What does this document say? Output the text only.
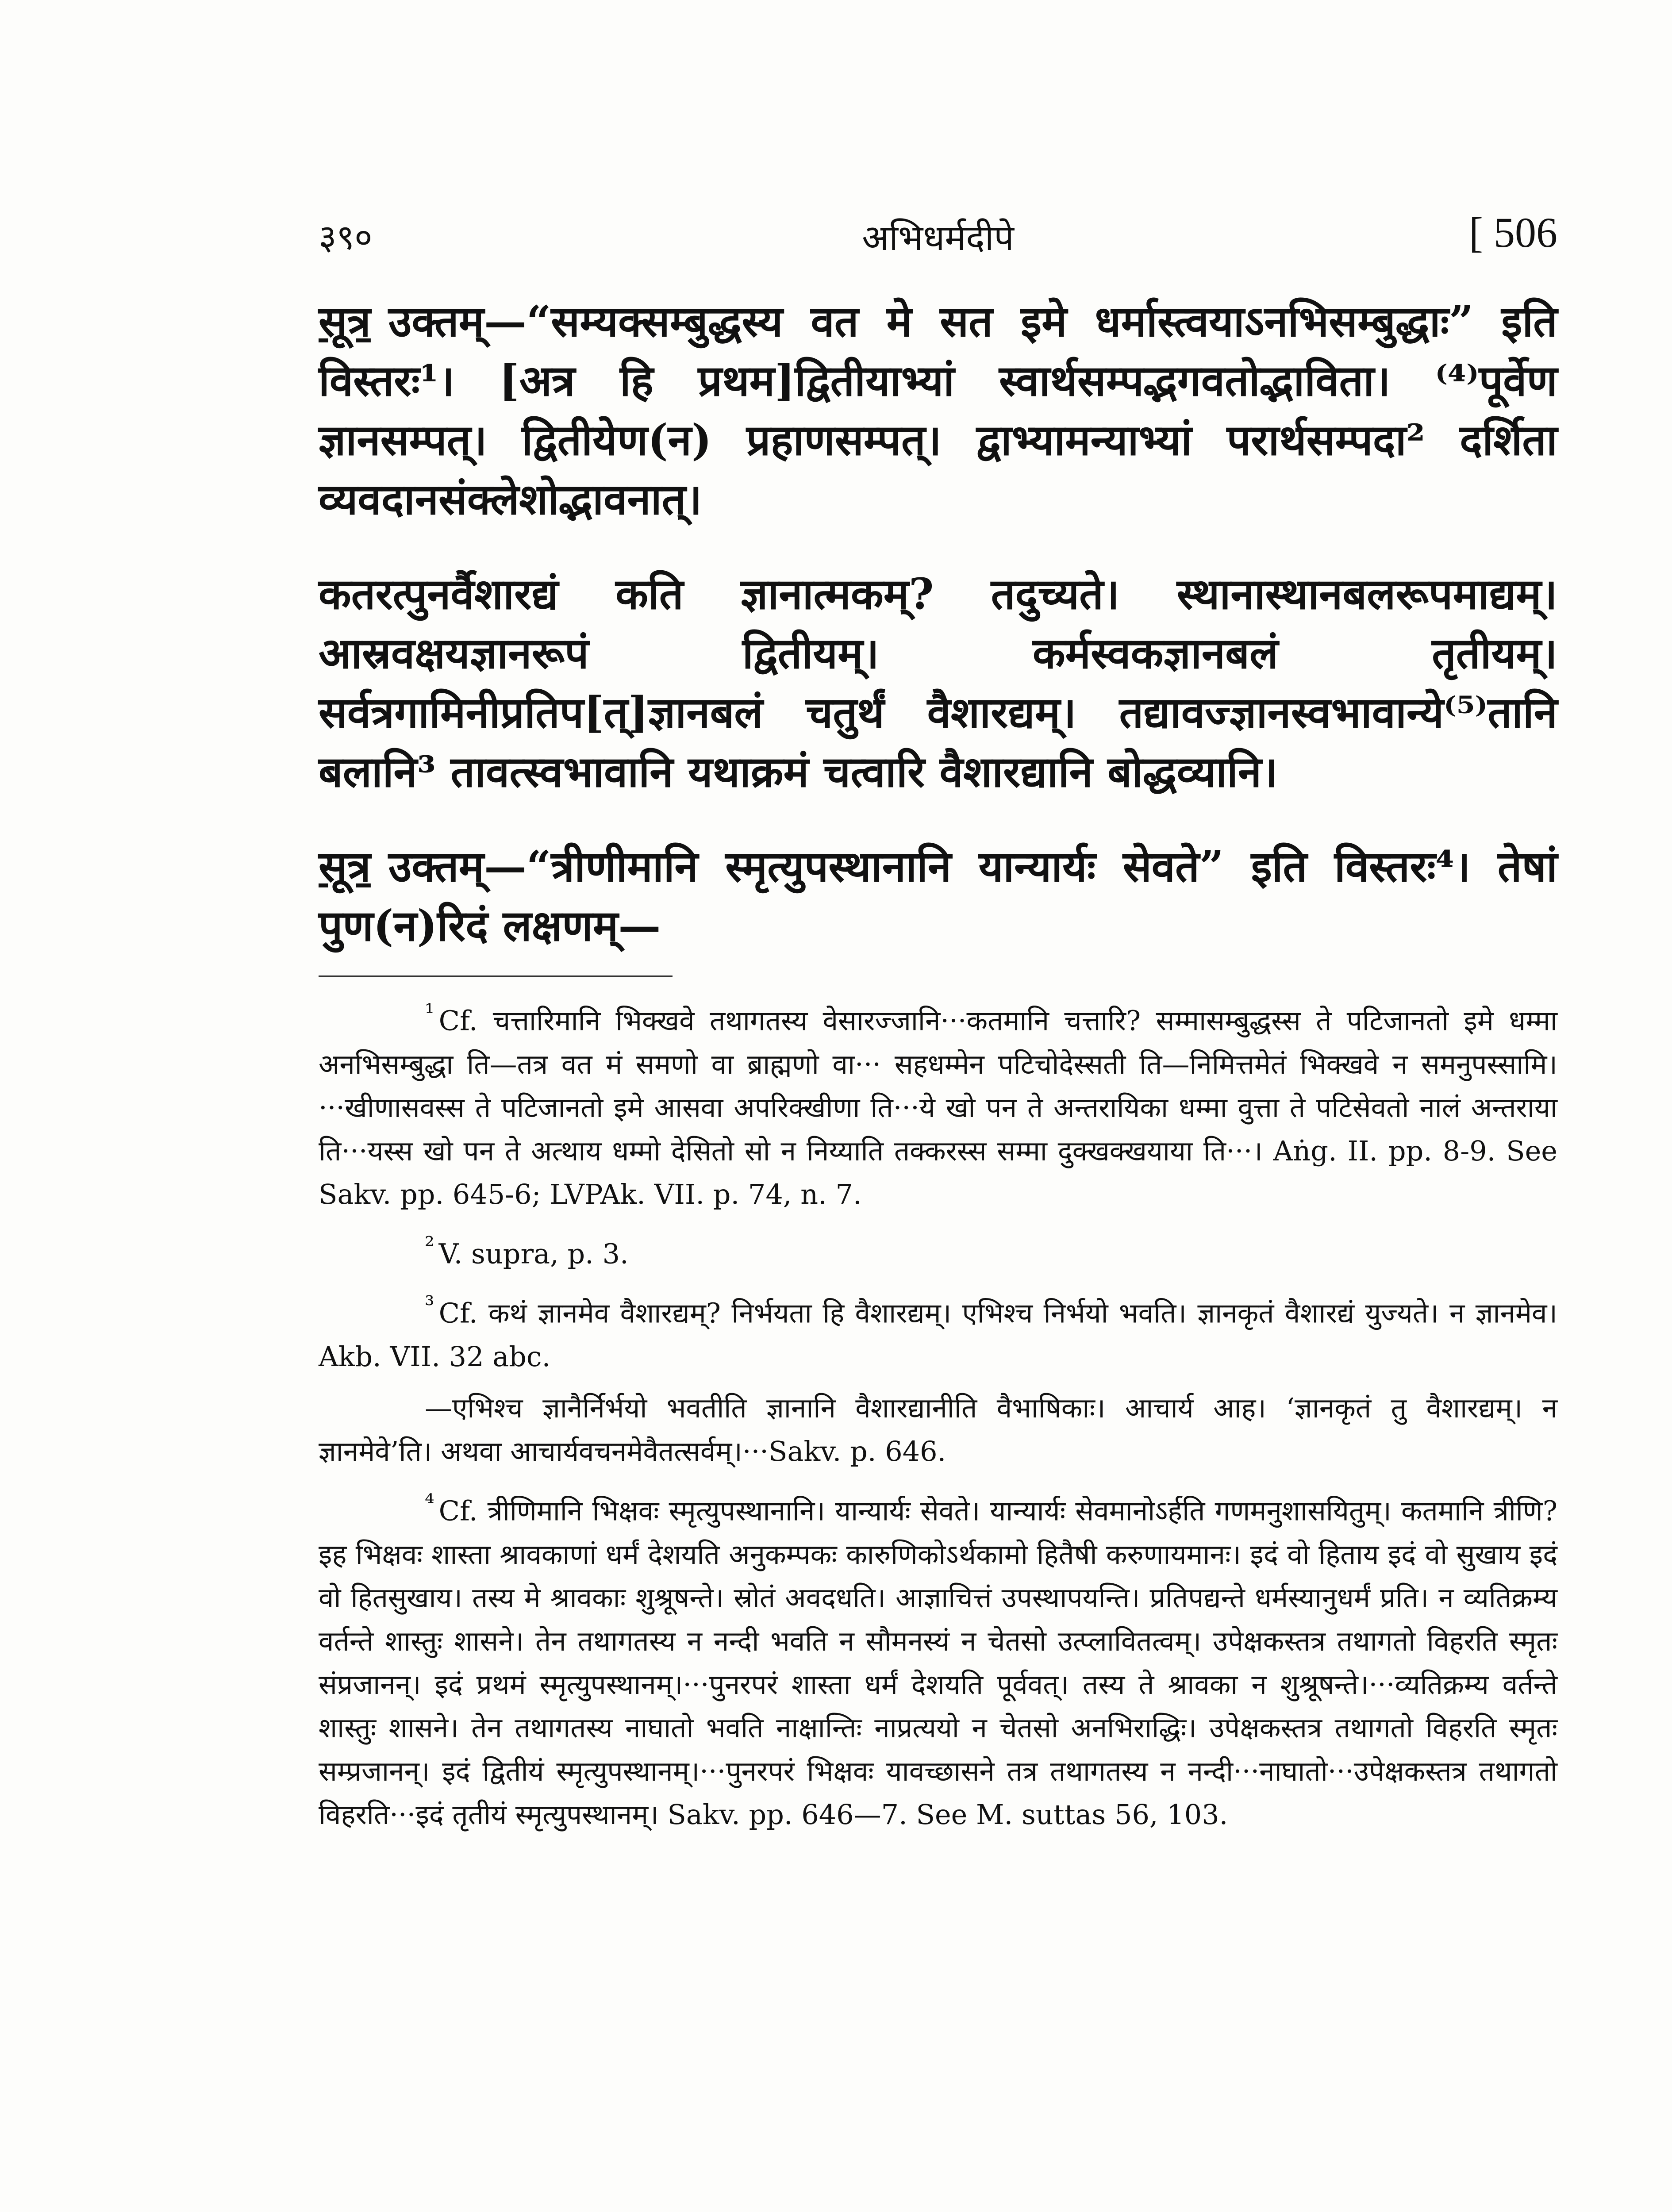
३९०	अभिधर्मदीपे	[ 506

सूत्र उक्तम्—“सम्यक्सम्बुद्धस्य वत मे सत इमे धर्मास्त्वयाऽनभिसम्बुद्धाः” इति विस्तरः¹। [अत्र हि प्रथम]द्वितीयाभ्यां स्वार्थसम्पद्भगवतोद्भाविता। ⁽⁴⁾पूर्वेण ज्ञानसम्पत्। द्वितीयेण(न) प्रहाणसम्पत्। द्वाभ्यामन्याभ्यां परार्थसम्पदा² दर्शिता व्यवदानसंक्लेशोद्भावनात्।

कतरत्पुनर्वैशारद्यं कति ज्ञानात्मकम्? तदुच्यते। स्थानास्थानबलरूपमाद्यम्। आस्रवक्षयज्ञानरूपं द्वितीयम्। कर्मस्वकज्ञानबलं तृतीयम्। सर्वत्रगामिनीप्रतिप[त्]ज्ञानबलं चतुर्थं वैशारद्यम्। तद्यावज्ज्ञानस्वभावान्ये⁽⁵⁾तानि बलानि³ तावत्स्वभावानि यथाक्रमं चत्वारि वैशारद्यानि बोद्धव्यानि।

सूत्र उक्तम्—“त्रीणीमानि स्मृत्युपस्थानानि यान्यार्यः सेवते” इति विस्तरः⁴। तेषां पुण(न)रिदं लक्षणम्—

¹ Cf. चत्तारिमानि भिक्खवे तथागतस्य वेसारज्जानि···कतमानि चत्तारि? सम्मासम्बुद्धस्स ते पटिजानतो इमे धम्मा अनभिसम्बुद्धा ति—तत्र वत मं समणो वा ब्राह्मणो वा··· सहधम्मेन पटिचोदेस्सती ति—निमित्तमेतं भिक्खवे न समनुपस्सामि। ···खीणासवस्स ते पटिजानतो इमे आसवा अपरिक्खीणा ति···ये खो पन ते अन्तरायिका धम्मा वुत्ता ते पटिसेवतो नालं अन्तराया ति···यस्स खो पन ते अत्थाय धम्मो देसितो सो न निय्याति तक्करस्स सम्मा दुक्खक्खयाया ति···। Aṅg. II. pp. 8-9. See Sakv. pp. 645-6; LVPAk. VII. p. 74, n. 7.

² V. supra, p. 3.

³ Cf. कथं ज्ञानमेव वैशारद्यम्? निर्भयता हि वैशारद्यम्। एभिश्च निर्भयो भवति। ज्ञानकृतं वैशारद्यं युज्यते। न ज्ञानमेव। Akb. VII. 32 abc.

—एभिश्च ज्ञानैर्निर्भयो भवतीति ज्ञानानि वैशारद्यानीति वैभाषिकाः। आचार्य आह। ‘ज्ञानकृतं तु वैशारद्यम्। न ज्ञानमेवे’ति। अथवा आचार्यवचनमेवैतत्सर्वम्।···Sakv. p. 646.

⁴ Cf. त्रीणिमानि भिक्षवः स्मृत्युपस्थानानि। यान्यार्यः सेवते। यान्यार्यः सेवमानोऽर्हति गणमनुशासयितुम्। कतमानि त्रीणि? इह भिक्षवः शास्ता श्रावकाणां धर्मं देशयति अनुकम्पकः कारुणिकोऽर्थकामो हितैषी करुणायमानः। इदं वो हिताय इदं वो सुखाय इदं वो हितसुखाय। तस्य मे श्रावकाः शुश्रूषन्ते। स्रोतं अवदधति। आज्ञाचित्तं उपस्थापयन्ति। प्रतिपद्यन्ते धर्मस्यानुधर्मं प्रति। न व्यतिक्रम्य वर्तन्ते शास्तुः शासने। तेन तथागतस्य न नन्दी भवति न सौमनस्यं न चेतसो उत्प्लावितत्वम्। उपेक्षकस्तत्र तथागतो विहरति स्मृतः संप्रजानन्। इदं प्रथमं स्मृत्युपस्थानम्।···पुनरपरं शास्ता धर्मं देशयति पूर्ववत्। तस्य ते श्रावका न शुश्रूषन्ते।···व्यतिक्रम्य वर्तन्ते शास्तुः शासने। तेन तथागतस्य नाघातो भवति नाक्षान्तिः नाप्रत्ययो न चेतसो अनभिराद्धिः। उपेक्षकस्तत्र तथागतो विहरति स्मृतः सम्प्रजानन्। इदं द्वितीयं स्मृत्युपस्थानम्।···पुनरपरं भिक्षवः यावच्छासने तत्र तथागतस्य न नन्दी···नाघातो···उपेक्षकस्तत्र तथागतो विहरति···इदं तृतीयं स्मृत्युपस्थानम्। Sakv. pp. 646—7. See M. suttas 56, 103.
